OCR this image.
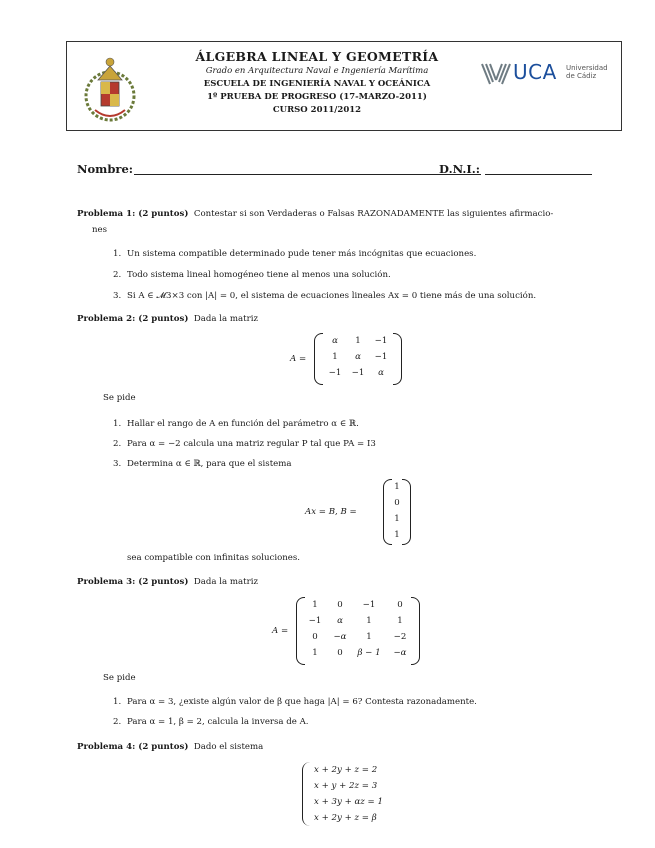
ÁLGEBRA LINEAL Y GEOMETRÍA
Grado en Arquitectura Naval e Ingeniería Marítima
ESCUELA DE INGENIERÍA NAVAL Y OCEÁNICA
1º PRUEBA DE PROGRESO (17-MARZO-2011)
CURSO 2011/2012
UCA Universidad
de Cádiz
Nombre:	D.N.I.:
Problema 1: (2 puntos) Contestar si son Verdaderas o Falsas RAZONADAMENTE las siguientes afirmacio-
nes
1. Un sistema compatible determinado pude tener más incógnitas que ecuaciones.
2. Todo sistema lineal homogéneo tiene al menos una solución.
3. Si A ∈ 𝓜3×3 con |A| = 0, el sistema de ecuaciones lineales Ax = 0 tiene más de una solución.
Problema 2: (2 puntos) Dada la matriz
A =
α	1	−1
1	α	−1
−1	−1	α
Se pide
1. Hallar el rango de A en función del parámetro α ∈ ℝ.
2. Para α = −2 calcula una matriz regular P tal que PA = I3
3. Determina α ∈ ℝ, para que el sistema
Ax = B, B =
1
0
1
1
sea compatible con infinitas soluciones.
Problema 3: (2 puntos) Dada la matriz
A =
1	0	−1	0
−1	α	1	1
0	−α	1	−2
1	0	β − 1	−α
Se pide
1. Para α = 3, ¿existe algún valor de β que haga |A| = 6? Contesta razonadamente.
2. Para α = 1, β = 2, calcula la inversa de A.
Problema 4: (2 puntos) Dado el sistema
x + 2y + z = 2
x + y + 2z = 3
x + 3y + αz = 1
x + 2y + z = β
